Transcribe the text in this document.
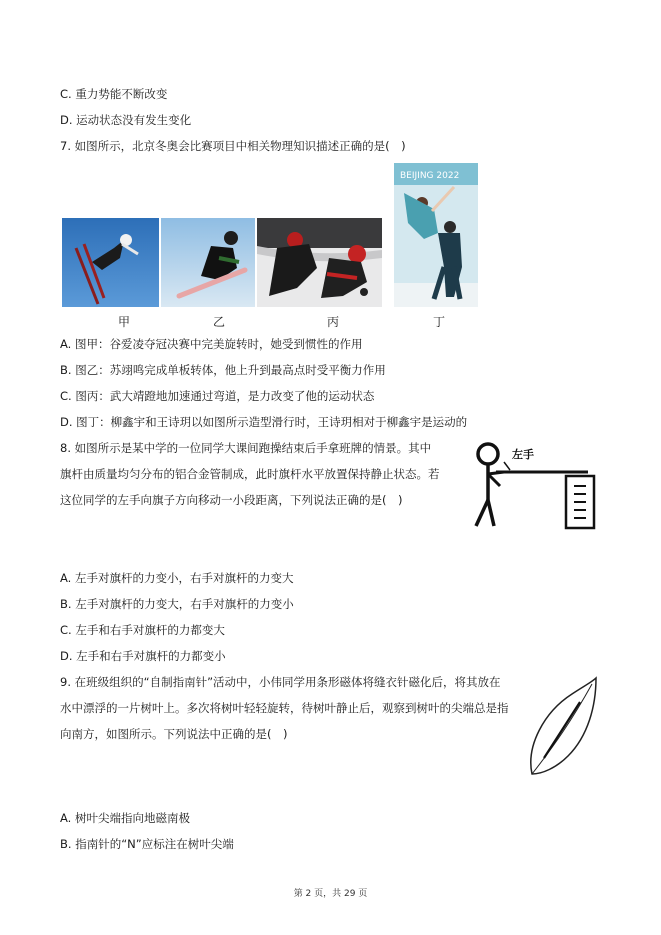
C. 重力势能不断改变
D. 运动状态没有发生变化
7. 如图所示，北京冬奥会比赛项目中相关物理知识描述正确的是(　)
BEIJING 2022
甲	乙	丙	丁
A. 图甲：谷爱凌夺冠决赛中完美旋转时，她受到惯性的作用
B. 图乙：苏翊鸣完成单板转体，他上升到最高点时受平衡力作用
C. 图丙：武大靖蹬地加速通过弯道，是力改变了他的运动状态
D. 图丁：柳鑫宇和王诗玥以如图所示造型滑行时，王诗玥相对于柳鑫宇是运动的
8. 如图所示是某中学的一位同学大课间跑操结束后手拿班牌的情景。其中
旗杆由质量均匀分布的铝合金管制成，此时旗杆水平放置保持静止状态。若
这位同学的左手向旗子方向移动一小段距离，下列说法正确的是(　)
左手
A. 左手对旗杆的力变小，右手对旗杆的力变大
B. 左手对旗杆的力变大，右手对旗杆的力变小
C. 左手和右手对旗杆的力都变大
D. 左手和右手对旗杆的力都变小
9. 在班级组织的“自制指南针”活动中，小伟同学用条形磁体将缝衣针磁化后，将其放在
水中漂浮的一片树叶上。多次将树叶轻轻旋转，待树叶静止后，观察到树叶的尖端总是指
向南方，如图所示。下列说法中正确的是(　)
A. 树叶尖端指向地磁南极
B. 指南针的“N”应标注在树叶尖端
第 2 页，共 29 页
